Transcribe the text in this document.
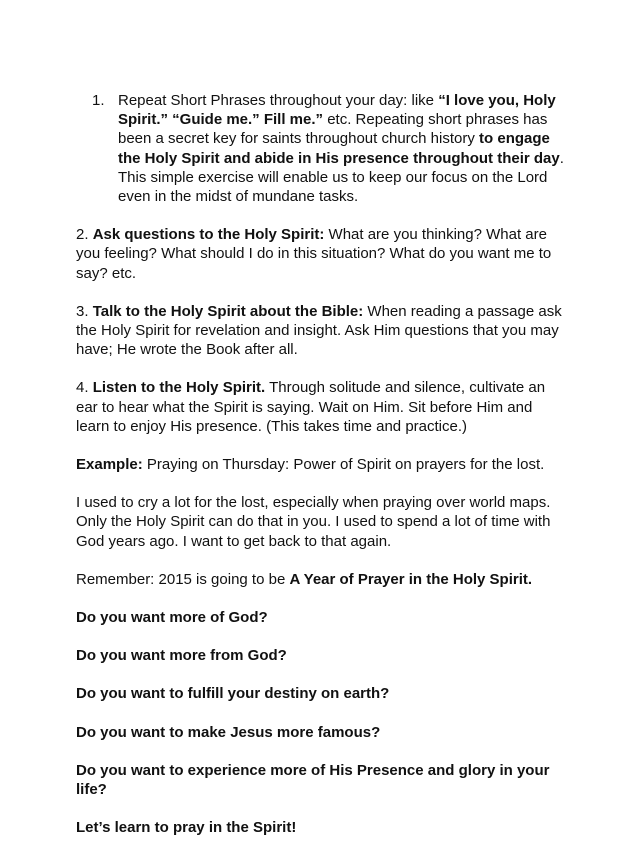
1. Repeat Short Phrases throughout your day: like “I love you, Holy Spirit.” “Guide me.” Fill me.” etc. Repeating short phrases has been a secret key for saints throughout church history to engage the Holy Spirit and abide in His presence throughout their day. This simple exercise will enable us to keep our focus on the Lord even in the midst of mundane tasks.

2. Ask questions to the Holy Spirit: What are you thinking? What are you feeling? What should I do in this situation? What do you want me to say? etc.

3. Talk to the Holy Spirit about the Bible: When reading a passage ask the Holy Spirit for revelation and insight. Ask Him questions that you may have; He wrote the Book after all.

4. Listen to the Holy Spirit. Through solitude and silence, cultivate an ear to hear what the Spirit is saying. Wait on Him. Sit before Him and learn to enjoy His presence. (This takes time and practice.)

Example: Praying on Thursday: Power of Spirit on prayers for the lost.

I used to cry a lot for the lost, especially when praying over world maps. Only the Holy Spirit can do that in you. I used to spend a lot of time with God years ago. I want to get back to that again.

Remember: 2015 is going to be A Year of Prayer in the Holy Spirit.

Do you want more of God?

Do you want more from God?

Do you want to fulfill your destiny on earth?

Do you want to make Jesus more famous?

Do you want to experience more of His Presence and glory in your life?

Let’s learn to pray in the Spirit!
